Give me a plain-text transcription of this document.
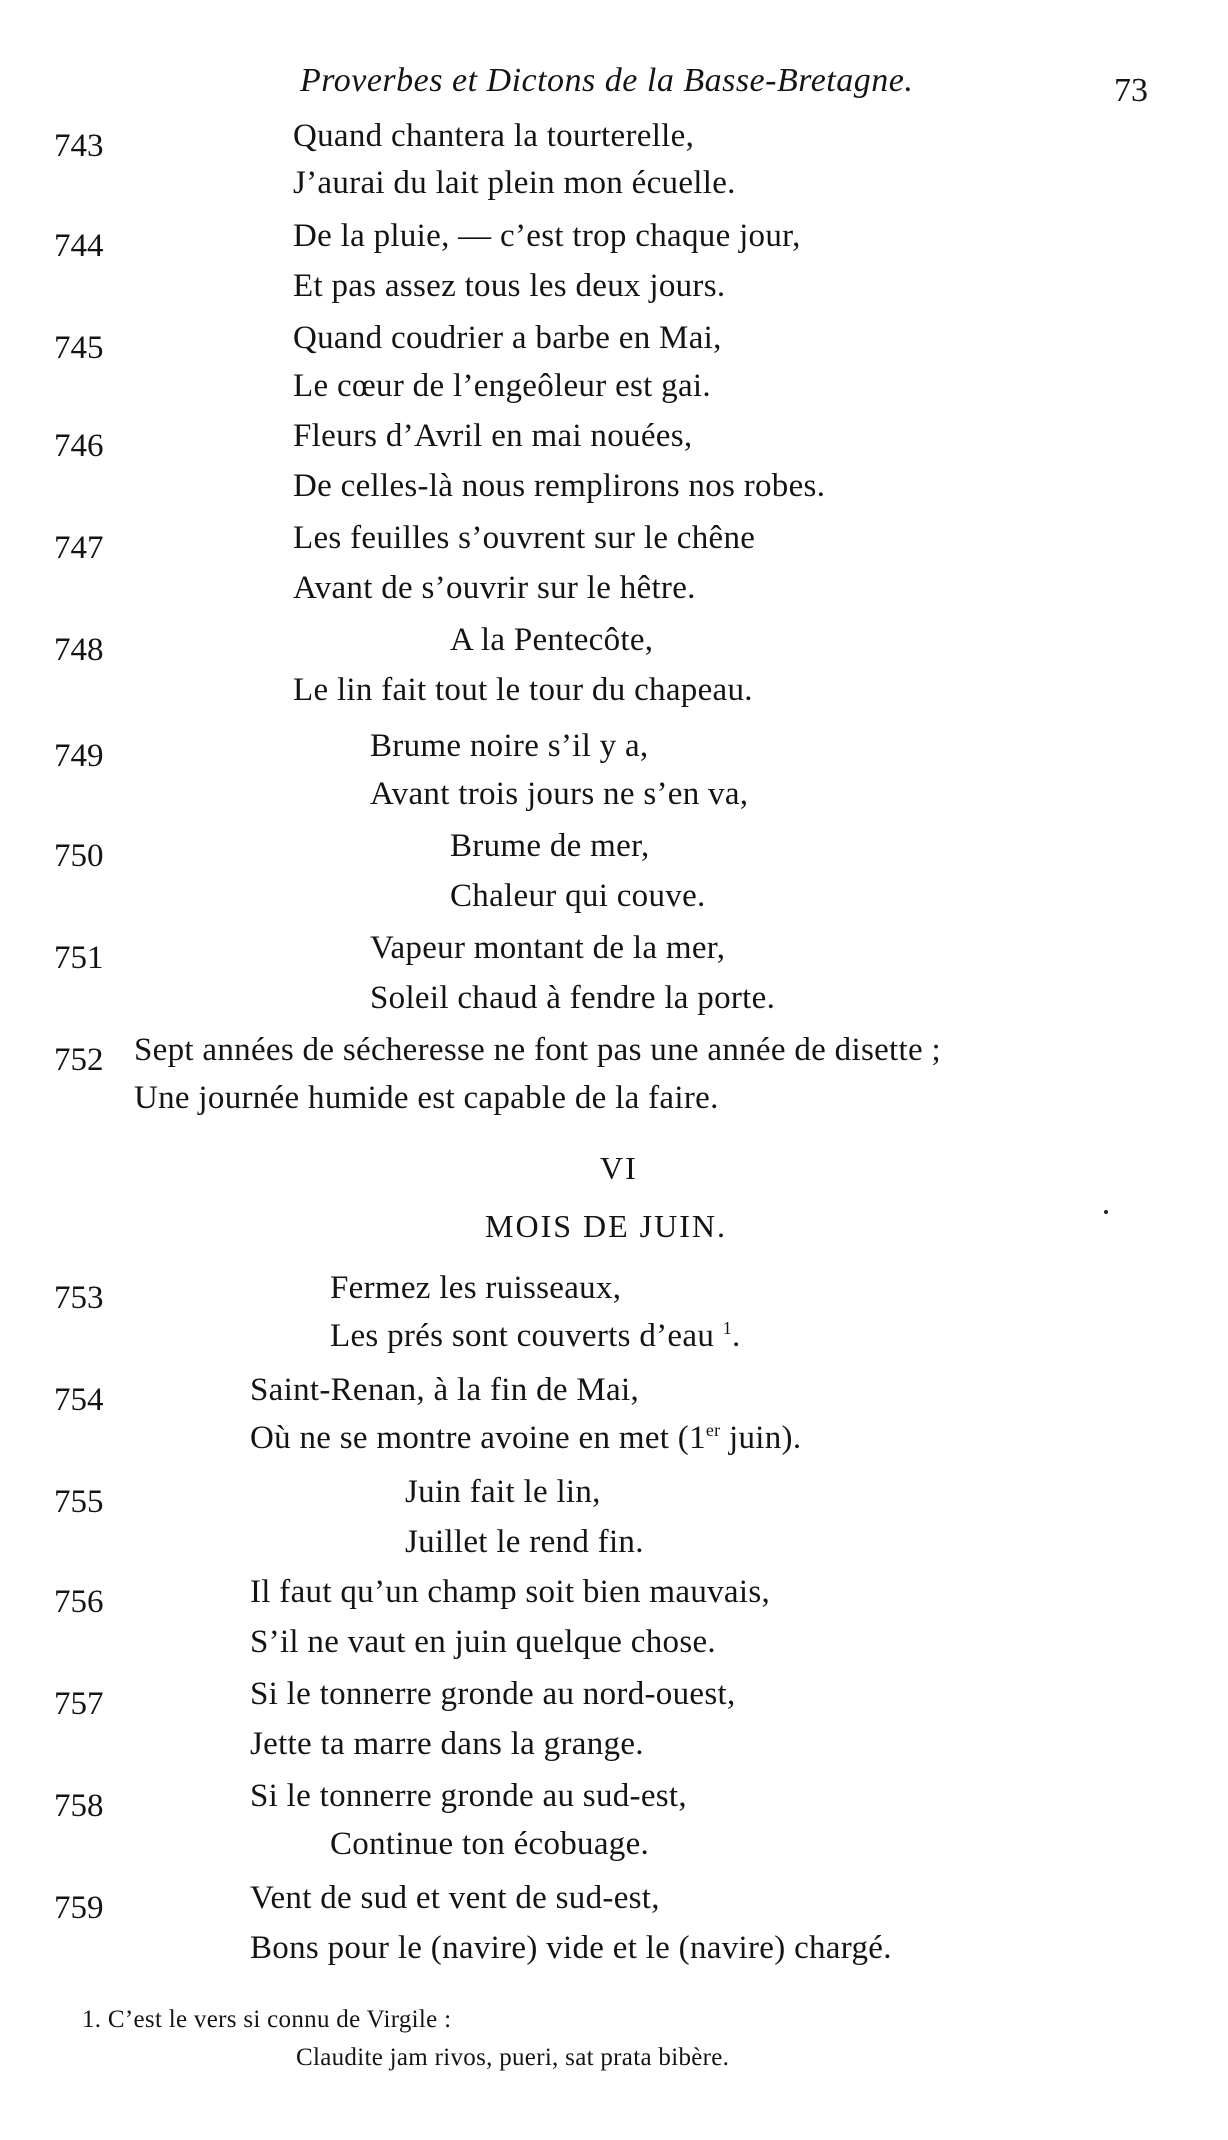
Proverbes et Dictons de la Basse-Bretagne.	73
743	Quand chantera la tourterelle,
J’aurai du lait plein mon écuelle.
744	De la pluie, — c’est trop chaque jour,
Et pas assez tous les deux jours.
745	Quand coudrier a barbe en Mai,
Le cœur de l’engeôleur est gai.
746	Fleurs d’Avril en mai nouées,
De celles-là nous remplirons nos robes.
747	Les feuilles s’ouvrent sur le chêne
Avant de s’ouvrir sur le hêtre.
748	A la Pentecôte,
Le lin fait tout le tour du chapeau.
749	Brume noire s’il y a,
Avant trois jours ne s’en va,
750	Brume de mer,
Chaleur qui couve.
751	Vapeur montant de la mer,
Soleil chaud à fendre la porte.
752 Sept années de sécheresse ne font pas une année de disette ;
Une journée humide est capable de la faire.
VI
MOIS DE JUIN.
753	Fermez les ruisseaux,
Les prés sont couverts d’eau $^1$.
754	Saint-Renan, à la fin de Mai,
Où ne se montre avoine en met (1er juin).
755	Juin fait le lin,
Juillet le rend fin.
756	Il faut qu’un champ soit bien mauvais,
S’il ne vaut en juin quelque chose.
757	Si le tonnerre gronde au nord-ouest,
Jette ta marre dans la grange.
758	Si le tonnerre gronde au sud-est,
Continue ton écobuage.
759	Vent de sud et vent de sud-est,
Bons pour le (navire) vide et le (navire) chargé.
1. C’est le vers si connu de Virgile :
Claudite jam rivos, pueri, sat prata bibère.
